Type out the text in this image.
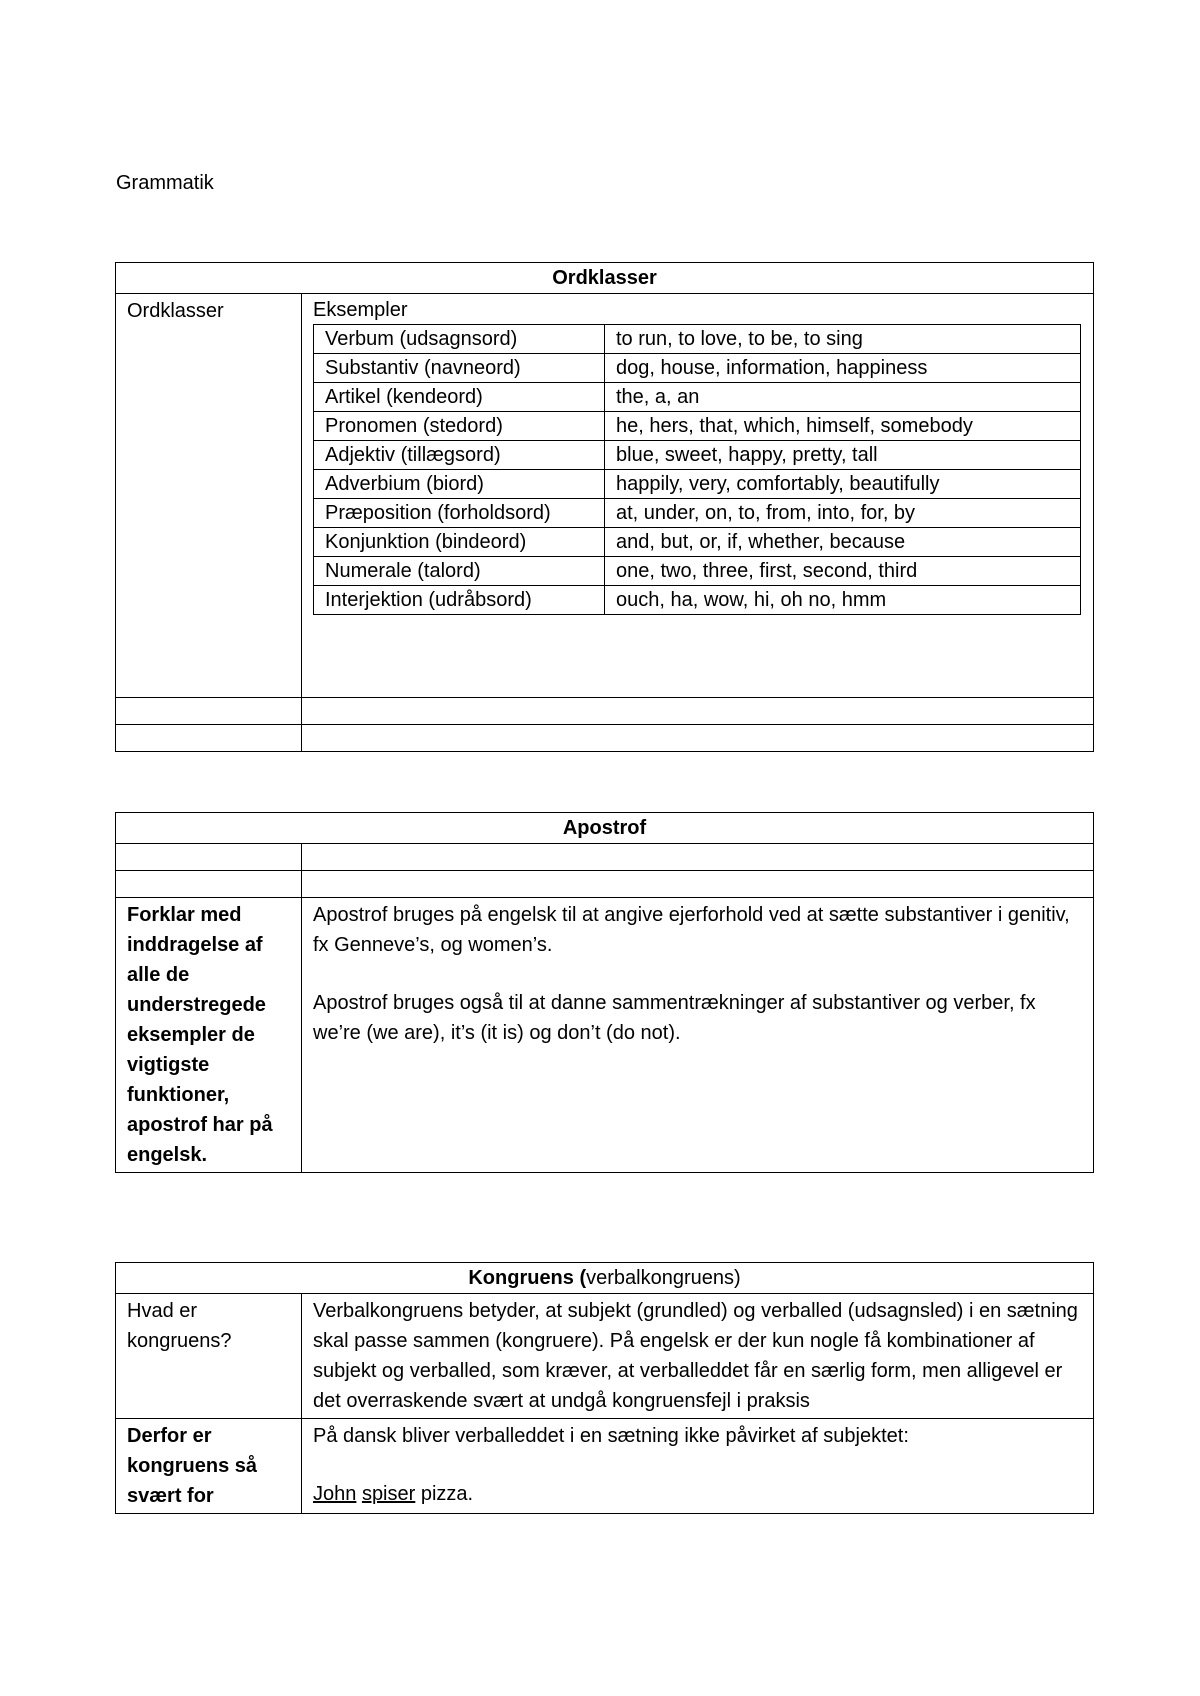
Grammatik
Ordklasser
Ordklasser	Eksempler
Verbum (udsagnsord)	to run, to love, to be, to sing
Substantiv (navneord)	dog, house, information, happiness
Artikel (kendeord)	the, a, an
Pronomen (stedord)	he, hers, that, which, himself, somebody
Adjektiv (tillægsord)	blue, sweet, happy, pretty, tall
Adverbium (biord)	happily, very, comfortably, beautifully
Præposition (forholdsord)	at, under, on, to, from, into, for, by
Konjunktion (bindeord)	and, but, or, if, whether, because
Numerale (talord)	one, two, three, first, second, third
Interjektion (udråbsord)	ouch, ha, wow, hi, oh no, hmm

Apostrof	

Forklar med inddragelse af alle de understregede eksempler de vigtigste funktioner, apostrof har på engelsk.	Apostrof bruges på engelsk til at angive ejerforhold ved at sætte substantiver i genitiv, fx Genneve’s, og women’s.

Apostrof bruges også til at danne sammentrækninger af substantiver og verber, fx we’re (we are), it’s (it is) og don’t (do not).

Kongruens (verbalkongruens)	
Hvad er kongruens?	Verbalkongruens betyder, at subjekt (grundled) og verballed (udsagnsled) i en sætning skal passe sammen (kongruere). På engelsk er der kun nogle få kombinationer af subjekt og verballed, som kræver, at verballeddet får en særlig form, men alligevel er det overraskende svært at undgå kongruensfejl i praksis
Derfor er kongruens så svært for	På dansk bliver verballeddet i en sætning ikke påvirket af subjektet:

John spiser pizza.
